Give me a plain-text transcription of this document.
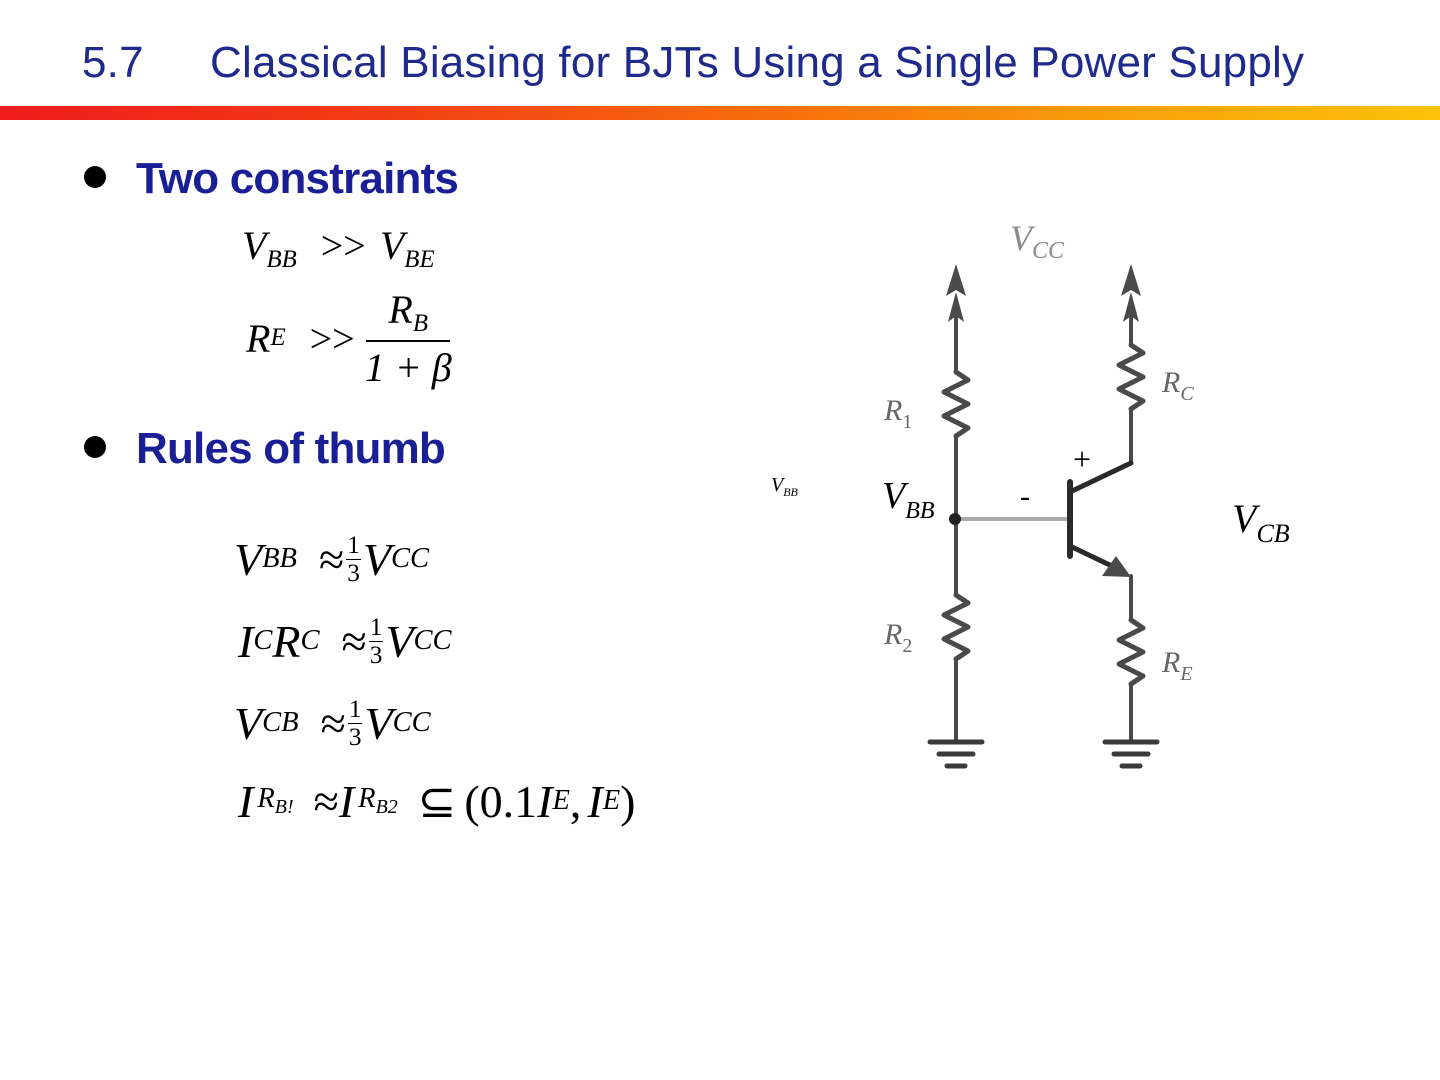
5.7 Classical Biasing for BJTs Using a Single Power Supply
Two constraints
$V_{BB} >> V_{BE}$
R $E >> \frac{R_B}{1 + \beta}$
Rules of thumb
V BB ≈ $\frac{1}{3}$ V CC
I C R $C \approx \frac{1}{3}$ V CC
V CB ≈ $\frac{1}{3}$ V CC
I $R_{B!} \approx I$ $R_{B2}$ ⊆ (0.1 I E , I E )
$V_{CC}$
$R_1$
$R_2$
$R_C$
$R_E$
$V_{BB}$ $V_{BB}$	$V_{CB}$
+
-
